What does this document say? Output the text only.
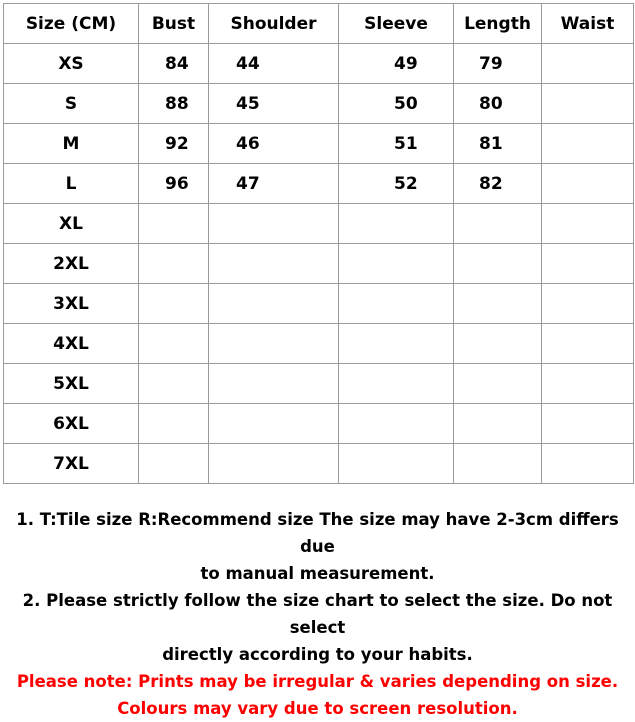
Size (CM)	Bust	Shoulder	Sleeve	Length	Waist
XS	84	44	49	79	
S	88	45	50	80	
M	92	46	51	81	
L	96	47	52	82	
XL					
2XL					
3XL					
4XL					
5XL					
6XL					
7XL					

1. T:Tile size R:Recommend size The size may have 2-3cm differs due

to manual measurement.

2. Please strictly follow the size chart to select the size. Do not select

directly according to your habits.

Please note: Prints may be irregular & varies depending on size.

Colours may vary due to screen resolution.
